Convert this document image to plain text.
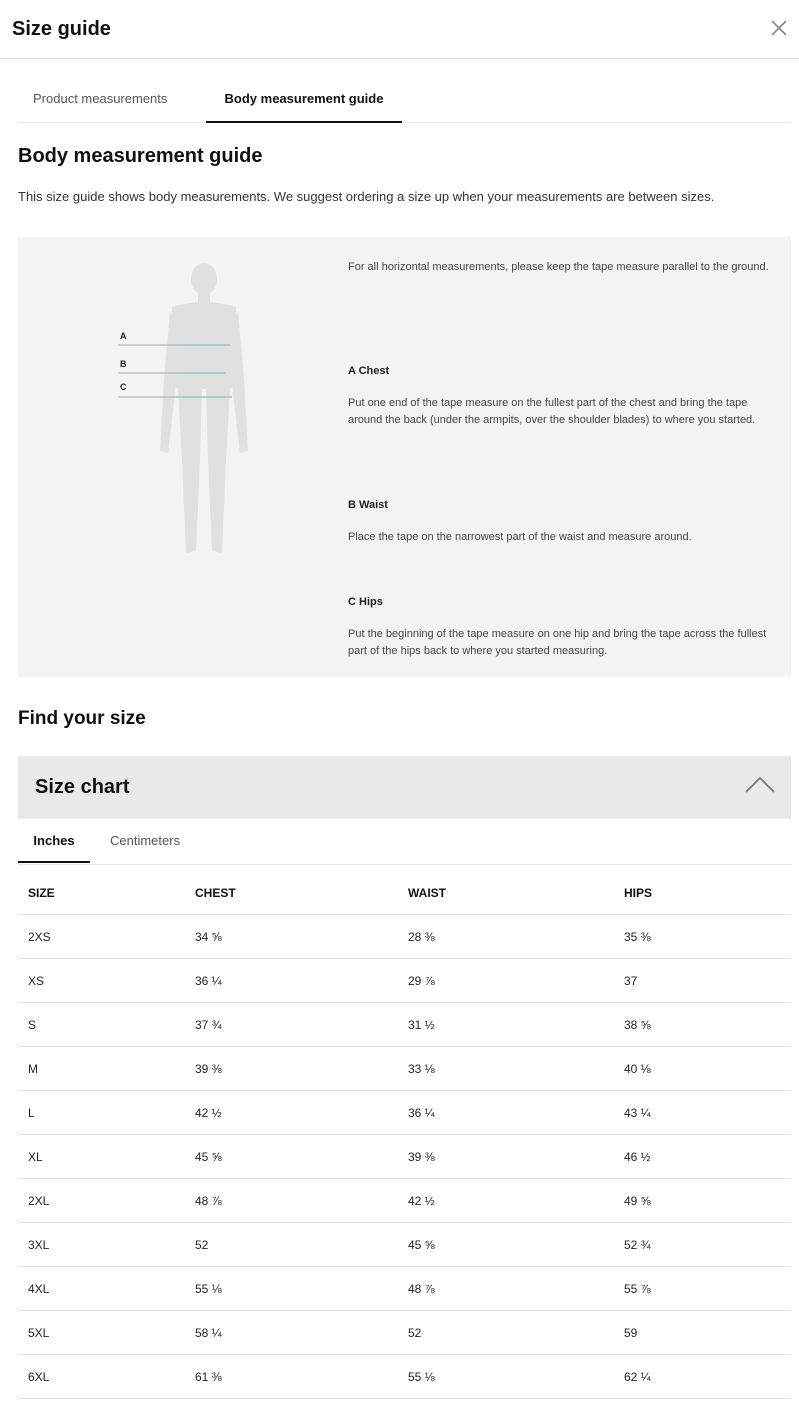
Size guide
Product measurements	Body measurement guide
Body measurement guide
This size guide shows body measurements. We suggest ordering a size up when your measurements are between sizes.
A
B
C

For all horizontal measurements, please keep the tape measure parallel to the ground.

A Chest

Put one end of the tape measure on the fullest part of the chest and bring the tape around the back (under the armpits, over the shoulder blades) to where you started.

B Waist

Place the tape on the narrowest part of the waist and measure around.

C Hips

Put the beginning of the tape measure on one hip and bring the tape across the fullest part of the hips back to where you started measuring.

Find your size
Size chart
Inches	Centimeters
SIZE	CHEST	WAIST	HIPS
2XS	34 ⅝	28 ⅜	35 ⅜
XS	36 ¼	29 ⅞	37
S	37 ¾	31 ½	38 ⅝
M	39 ⅜	33 ⅛	40 ⅛
L	42 ½	36 ¼	43 ¼
XL	45 ⅝	39 ⅜	46 ½
2XL	48 ⅞	42 ½	49 ⅝
3XL	52	45 ⅝	52 ¾
4XL	55 ⅛	48 ⅞	55 ⅞
5XL	58 ¼	52	59
6XL	61 ⅜	55 ⅛	62 ¼
